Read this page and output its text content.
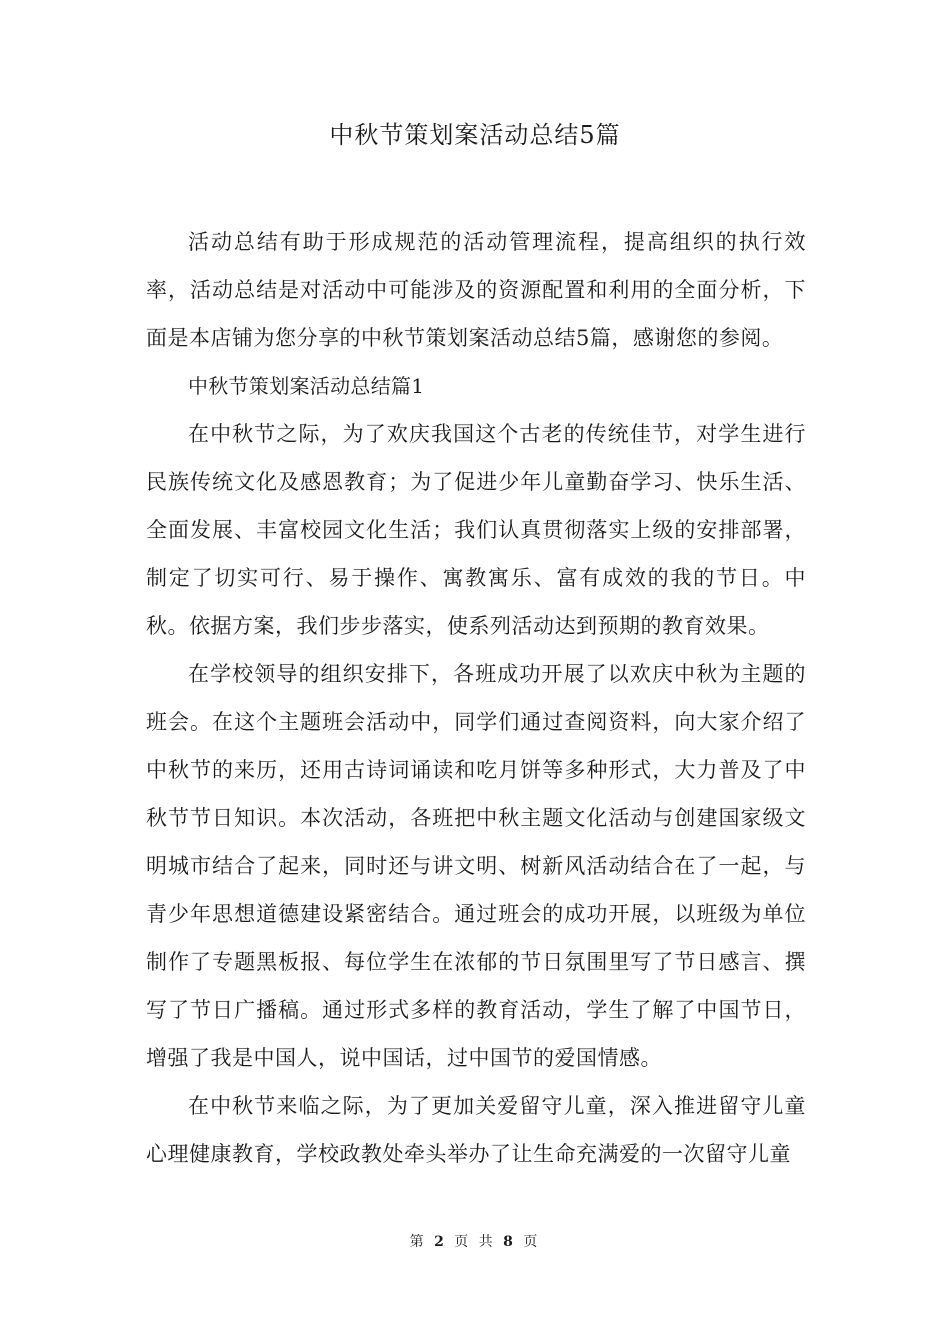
中秋节策划案活动总结5篇

活动总结有助于形成规范的活动管理流程，提高组织的执行效率，活动总结是对活动中可能涉及的资源配置和利用的全面分析，下面是本店铺为您分享的中秋节策划案活动总结5篇，感谢您的参阅。

中秋节策划案活动总结篇1

在中秋节之际，为了欢庆我国这个古老的传统佳节，对学生进行民族传统文化及感恩教育；为了促进少年儿童勤奋学习、快乐生活、全面发展、丰富校园文化生活；我们认真贯彻落实上级的安排部署，制定了切实可行、易于操作、寓教寓乐、富有成效的我的节日。中秋。依据方案，我们步步落实，使系列活动达到预期的教育效果。

在学校领导的组织安排下，各班成功开展了以欢庆中秋为主题的班会。在这个主题班会活动中，同学们通过查阅资料，向大家介绍了中秋节的来历，还用古诗词诵读和吃月饼等多种形式，大力普及了中秋节节日知识。本次活动，各班把中秋主题文化活动与创建国家级文明城市结合了起来，同时还与讲文明、树新风活动结合在了一起，与青少年思想道德建设紧密结合。通过班会的成功开展，以班级为单位制作了专题黑板报、每位学生在浓郁的节日氛围里写了节日感言、撰写了节日广播稿。通过形式多样的教育活动，学生了解了中国节日，增强了我是中国人，说中国话，过中国节的爱国情感。

在中秋节来临之际，为了更加关爱留守儿童，深入推进留守儿童心理健康教育，学校政教处牵头举办了让生命充满爱的一次留守儿童

第 2 页 共 8 页
